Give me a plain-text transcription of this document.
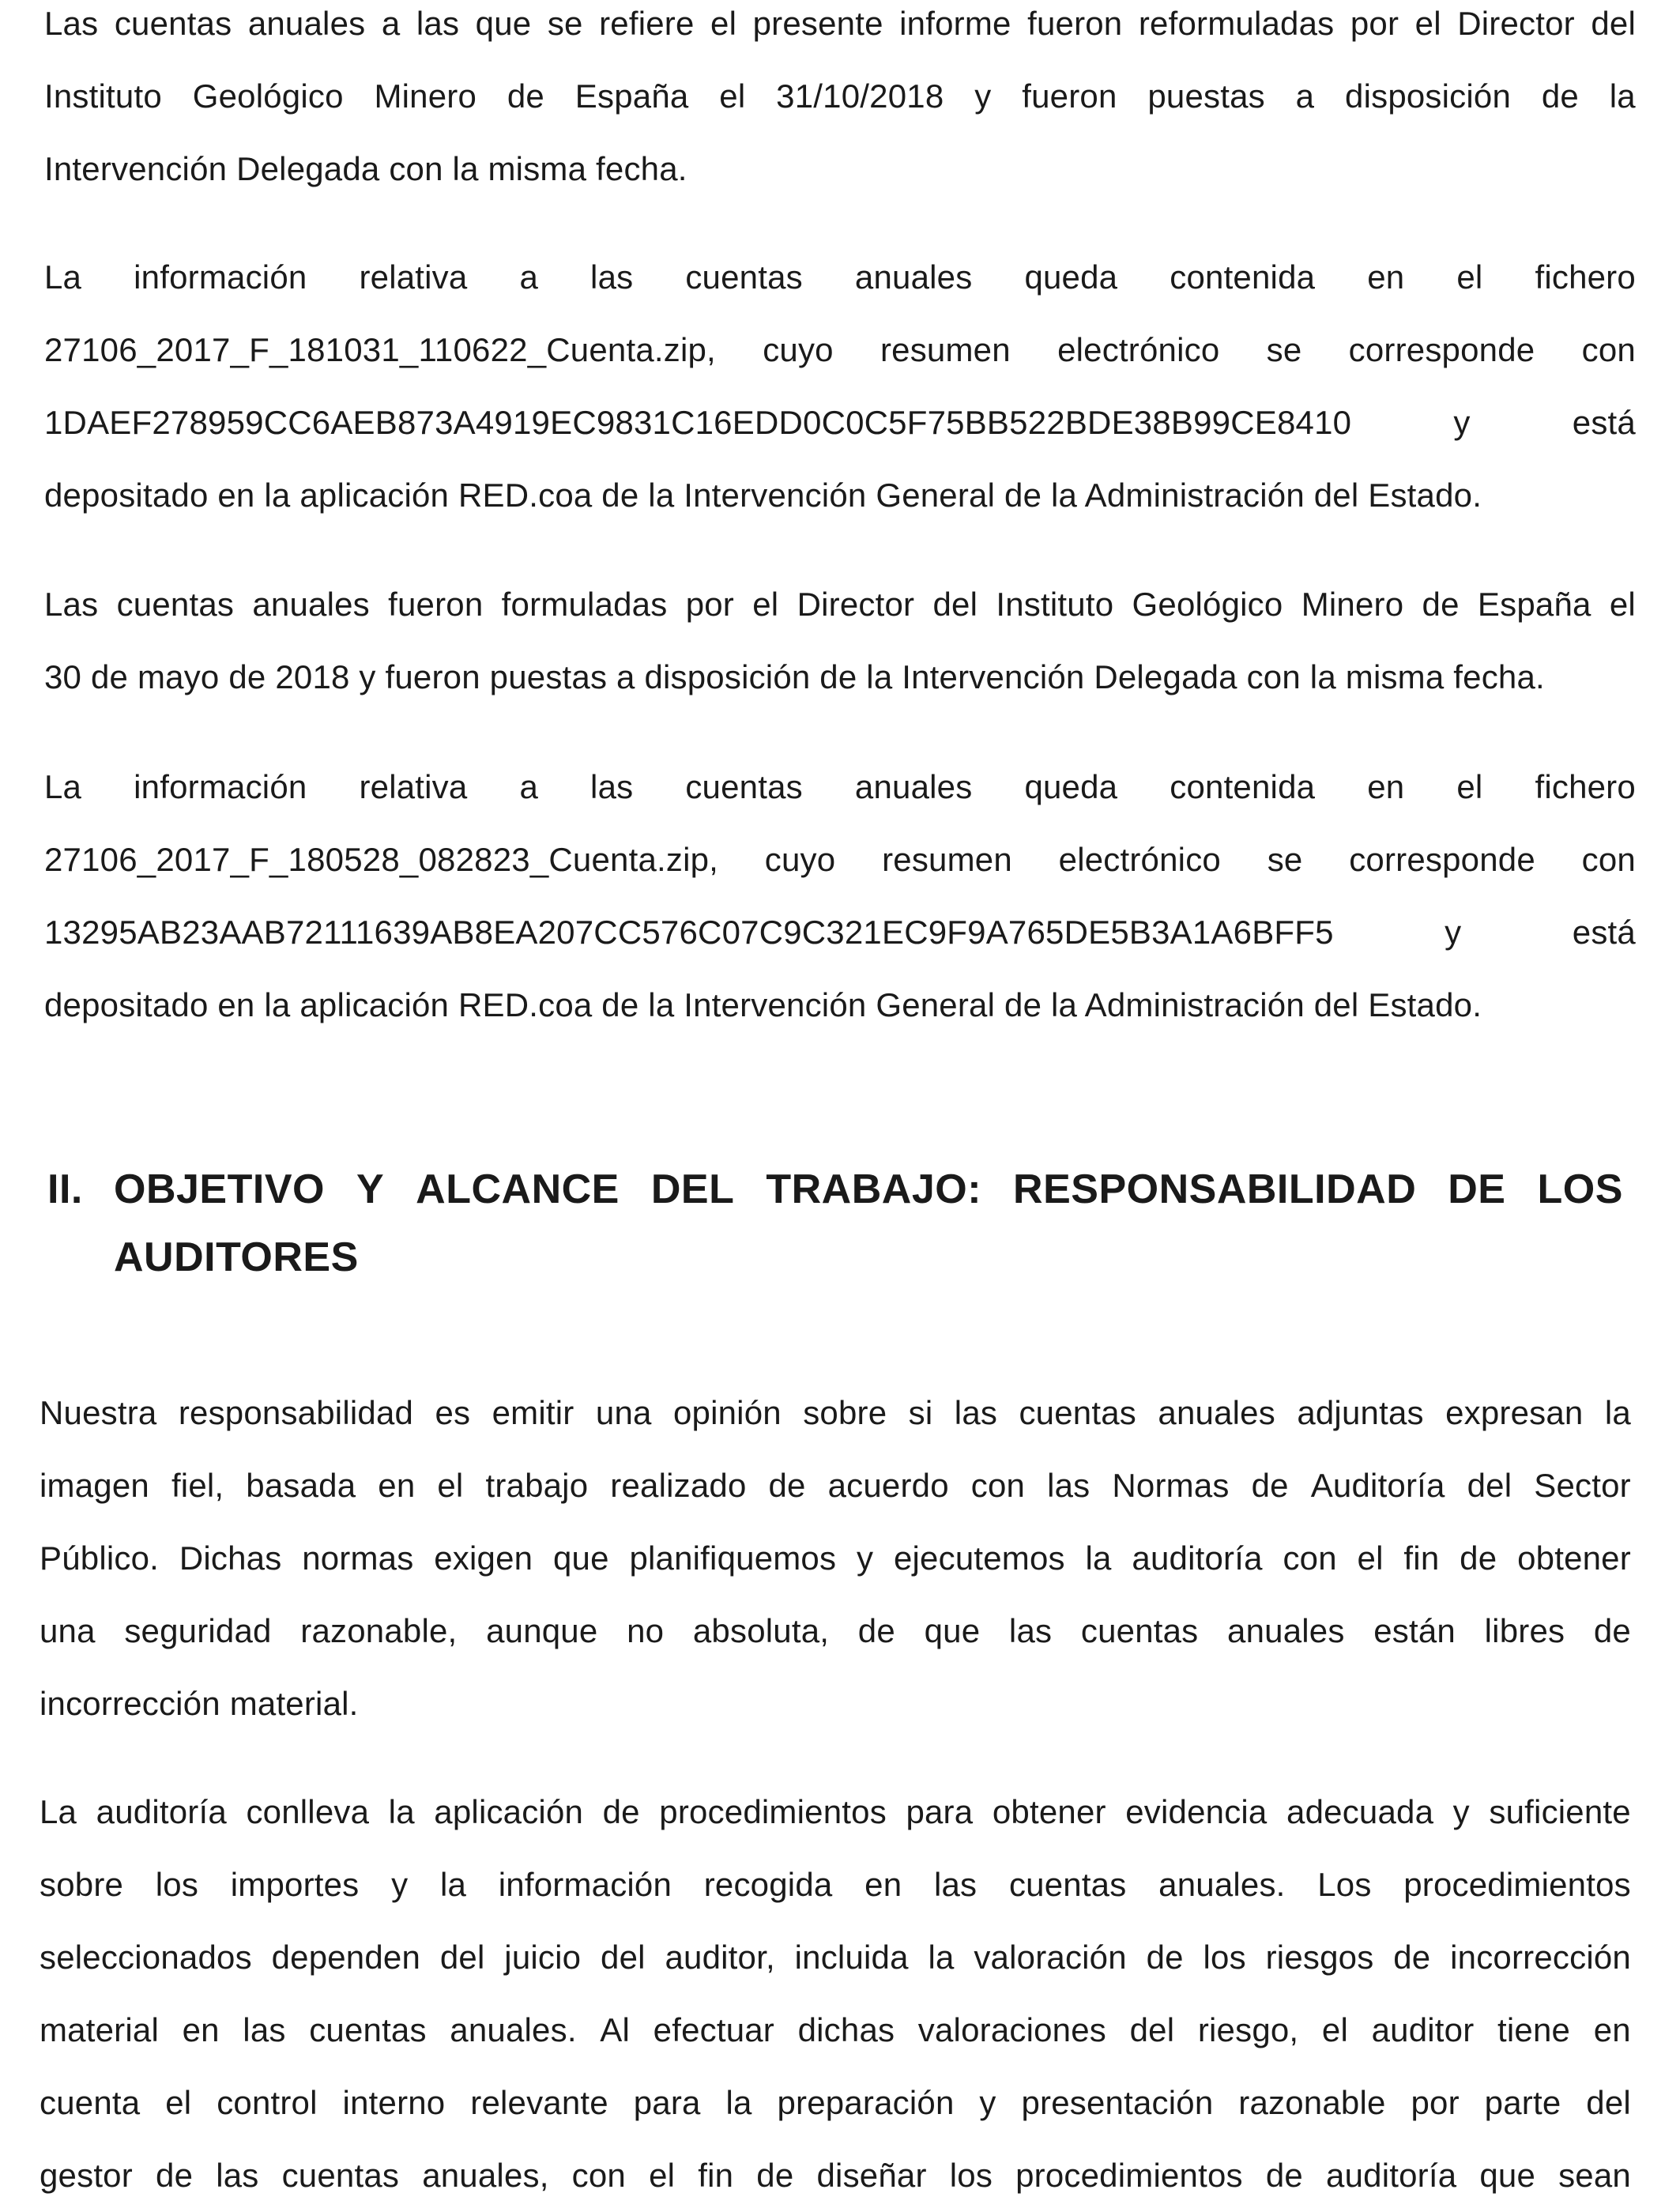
Las cuentas anuales a las que se refiere el presente informe fueron reformuladas por el Director del
Instituto Geológico Minero de España el 31/10/2018 y fueron puestas a disposición de la
Intervención Delegada con la misma fecha.
La información relativa a las cuentas anuales queda contenida en el fichero
27106_2017_F_181031_110622_Cuenta.zip, cuyo resumen electrónico se corresponde con
1DAEF278959CC6AEB873A4919EC9831C16EDD0C0C5F75BB522BDE38B99CE8410	y	está
depositado en la aplicación RED.coa de la Intervención General de la Administración del Estado.
Las cuentas anuales fueron formuladas por el Director del Instituto Geológico Minero de España el
30 de mayo de 2018 y fueron puestas a disposición de la Intervención Delegada con la misma fecha.
La información relativa a las cuentas anuales queda contenida en el fichero
27106_2017_F_180528_082823_Cuenta.zip, cuyo resumen electrónico se corresponde con
13295AB23AAB72111639AB8EA207CC576C07C9C321EC9F9A765DE5B3A1A6BFF5	y	está
depositado en la aplicación RED.coa de la Intervención General de la Administración del Estado.
II. OBJETIVO Y ALCANCE DEL TRABAJO: RESPONSABILIDAD DE LOS
AUDITORES
Nuestra responsabilidad es emitir una opinión sobre si las cuentas anuales adjuntas expresan la
imagen fiel, basada en el trabajo realizado de acuerdo con las Normas de Auditoría del Sector
Público. Dichas normas exigen que planifiquemos y ejecutemos la auditoría con el fin de obtener
una seguridad razonable, aunque no absoluta, de que las cuentas anuales están libres de
incorrección material.
La auditoría conlleva la aplicación de procedimientos para obtener evidencia adecuada y suficiente
sobre los importes y la información recogida en las cuentas anuales. Los procedimientos
seleccionados dependen del juicio del auditor, incluida la valoración de los riesgos de incorrección
material en las cuentas anuales. Al efectuar dichas valoraciones del riesgo, el auditor tiene en
cuenta el control interno relevante para la preparación y presentación razonable por parte del
gestor de las cuentas anuales, con el fin de diseñar los procedimientos de auditoría que sean
